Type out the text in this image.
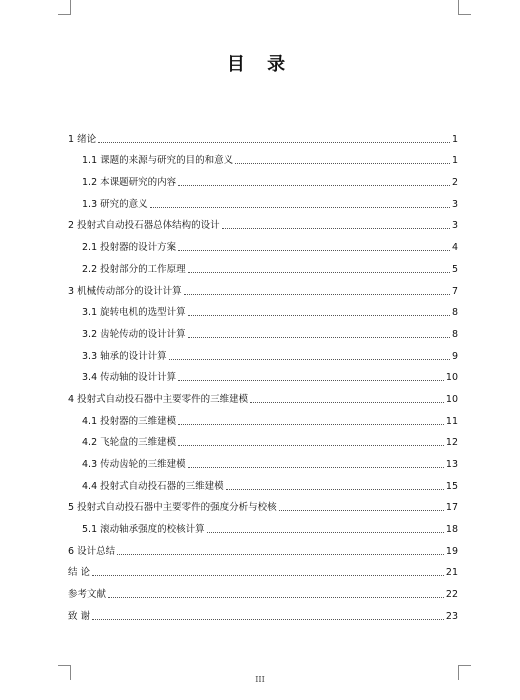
目 录
1 绪论	1
1.1 课题的来源与研究的目的和意义	1
1.2 本课题研究的内容	2
1.3 研究的意义	3
2 投射式自动投石器总体结构的设计	3
2.1 投射器的设计方案	4
2.2 投射部分的工作原理	5
3 机械传动部分的设计计算	7
3.1 旋转电机的选型计算	8
3.2 齿轮传动的设计计算	8
3.3 轴承的设计计算	9
3.4 传动轴的设计计算	10
4 投射式自动投石器中主要零件的三维建模	10
4.1 投射器的三维建模	11
4.2 飞轮盘的三维建模	12
4.3 传动齿轮的三维建模	13
4.4 投射式自动投石器的三维建模	15
5 投射式自动投石器中主要零件的强度分析与校核	17
5.1 滚动轴承强度的校核计算	18
6 设计总结	19
结 论	21
参考文献	22
致 谢	23
III
